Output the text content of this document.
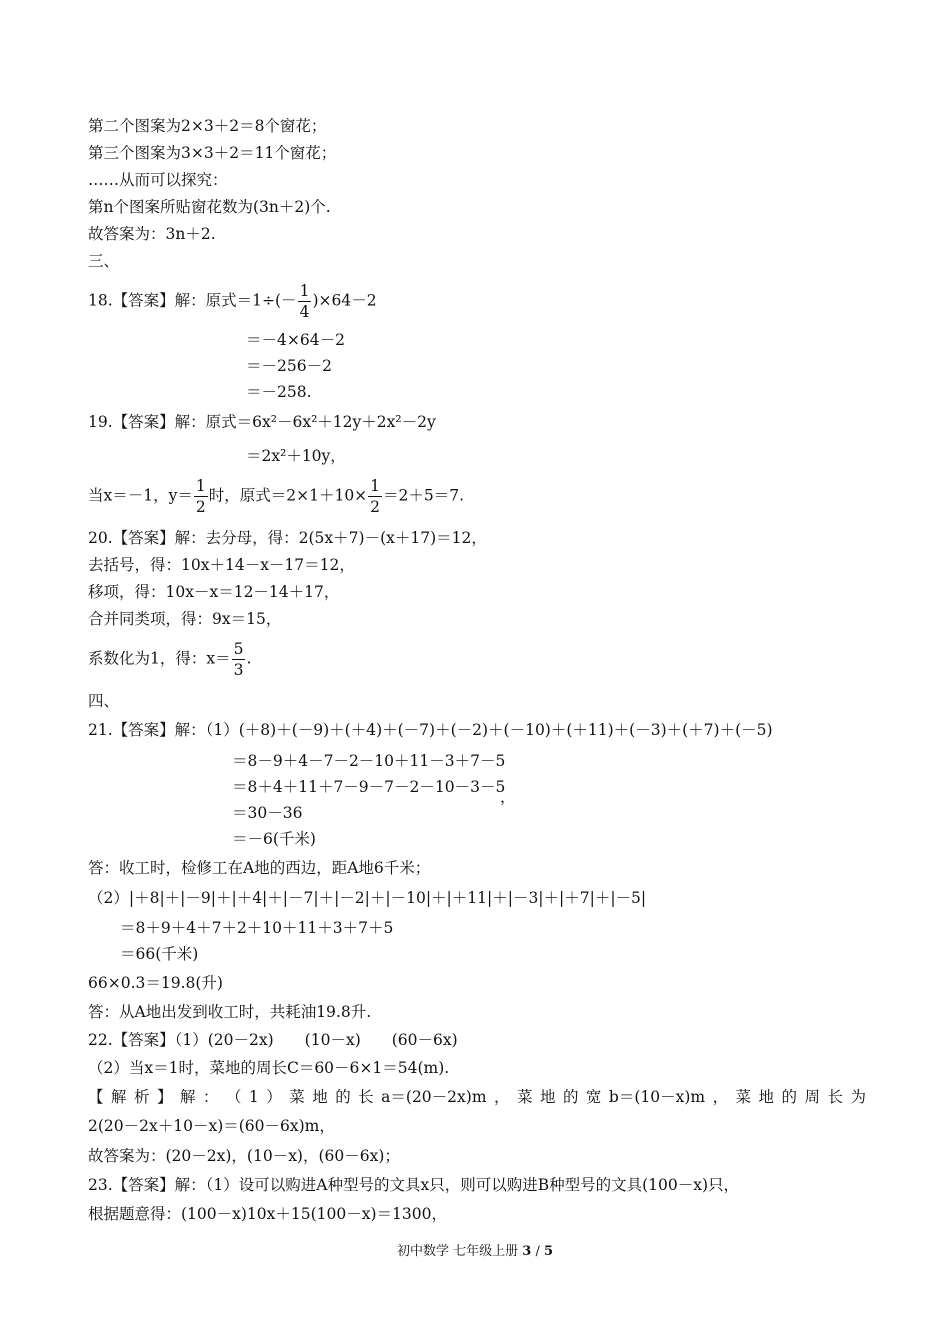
第二个图案为2×3＋2＝8个窗花；
第三个图案为3×3＋2＝11个窗花；
……从而可以探究：
第n个图案所贴窗花数为(3n＋2)个.
故答案为：3n＋2.
三、
18.【答案】解：原式$=1\div(- \frac{1}{4} )\times 64-2$
＝－4×64－2
＝－256－2
＝－258.
19.【答案】解：原式＝6x²－6x²＋12y＋2x²－2y
＝2x²＋10y，
当x＝－1，$y= \frac{1}{2}$ 时，原式$=2\times 1+10\times \frac{1}{2} =2+5=7$.
20.【答案】解：去分母，得：2(5x＋7)－(x＋17)＝12，
去括号，得：10x＋14－x－17＝12，
移项，得：10x－x＝12－14＋17，
合并同类项，得：9x＝15，
系数化为1，得：$x= \frac{5}{3}$ .
四、
21.【答案】解：（1）(＋8)＋(－9)＋(＋4)＋(－7)＋(－2)＋(－10)＋(＋11)＋(－3)＋(＋7)＋(－5)
＝8－9＋4－7－2－10＋11－3＋7－5
＝8＋4＋11＋7－9－7－2－10－3－5
，
＝30－36
＝－6(千米)
答：收工时，检修工在A地的西边，距A地6千米；
（2）|＋8|＋|－9|＋|＋4|＋|－7|＋|－2|＋|－10|＋|＋11|＋|－3|＋|＋7|＋|－5|
＝8＋9＋4＋7＋2＋10＋11＋3＋7＋5
＝66(千米)
66×0.3＝19.8(升)
答：从A地出发到收工时，共耗油19.8升.
22.【答案】（1）(20－2x)　　(10－x)　　(60－6x)
（2）当x＝1时，菜地的周长C＝60－6×1＝54(m).
【 解 析 】 解 ： （ 1 ） 菜 地 的 长 a＝(20－2x)m ， 菜 地 的 宽 b＝(10－x)m ， 菜 地 的 周 长 为
2(20－2x＋10－x)＝(60－6x)m，
故答案为：(20－2x)，(10－x)，(60－6x)；
23.【答案】解：（1）设可以购进A种型号的文具x只，则可以购进B种型号的文具(100－x)只，
根据题意得：(100－x)10x＋15(100－x)＝1300，
初中数学 七年级上册 3 / 5
